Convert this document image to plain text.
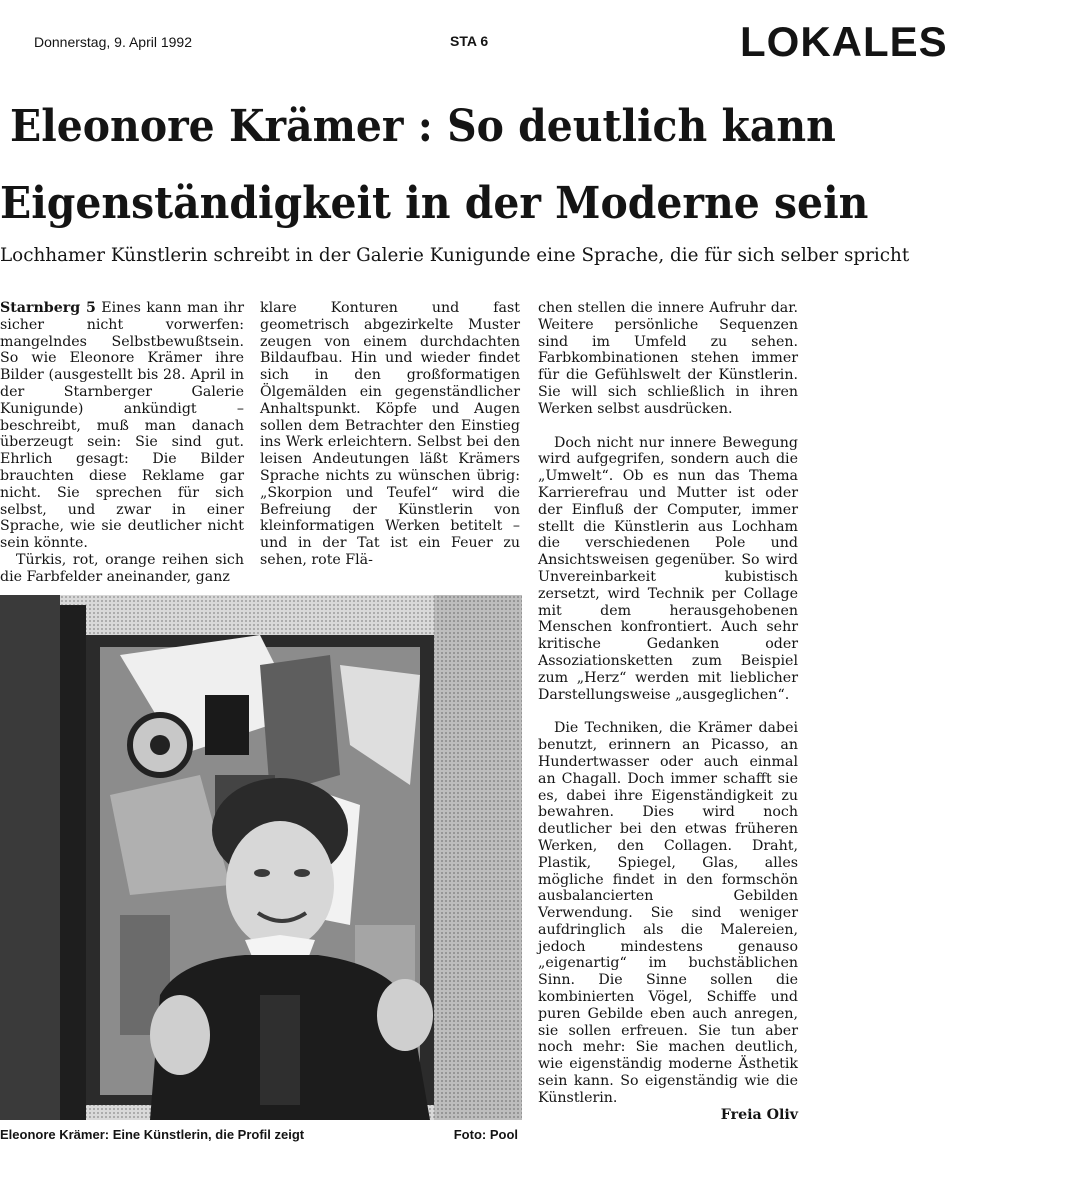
Donnerstag, 9. April 1992	STA 6	LOKALES
Eleonore Krämer : So deutlich kann
Eigenständigkeit in der Moderne sein
Lochhamer Künstlerin schreibt in der Galerie Kunigunde eine Sprache, die für sich selber spricht

Starnberg 5 Eines kann man ihr sicher nicht vorwerfen: mangelndes Selbstbewußtsein. So wie Eleonore Krämer ihre Bilder (ausgestellt bis 28. April in der Starnberger Galerie Kunigunde) ankündigt – beschreibt, muß man danach überzeugt sein: Sie sind gut. Ehrlich gesagt: Die Bilder brauchten diese Reklame gar nicht. Sie sprechen für sich selbst, und zwar in einer Sprache, wie sie deutlicher nicht sein könnte.

Türkis, rot, orange reihen sich die Farbfelder aneinander, ganz

klare Konturen und fast geometrisch abgezirkelte Muster zeugen von einem durchdachten Bildaufbau. Hin und wieder findet sich in den großformatigen Ölgemälden ein gegenständlicher Anhaltspunkt. Köpfe und Augen sollen dem Betrachter den Einstieg ins Werk erleichtern. Selbst bei den leisen Andeutungen läßt Krämers Sprache nichts zu wünschen übrig: „Skorpion und Teufel“ wird die Befreiung der Künstlerin von kleinformatigen Werken betitelt – und in der Tat ist ein Feuer zu sehen, rote Flä-

chen stellen die innere Aufruhr dar. Weitere persönliche Sequenzen sind im Umfeld zu sehen. Farbkombinationen stehen immer für die Gefühlswelt der Künstlerin. Sie will sich schließlich in ihren Werken selbst ausdrücken.

Doch nicht nur innere Bewegung wird aufgegrifen, sondern auch die „Umwelt“. Ob es nun das Thema Karrierefrau und Mutter ist oder der Einfluß der Computer, immer stellt die Künstlerin aus Lochham die verschiedenen Pole und Ansichtsweisen gegenüber. So wird Unvereinbarkeit kubistisch zersetzt, wird Technik per Collage mit dem herausgehobenen Menschen konfrontiert. Auch sehr kritische Gedanken oder Assoziationsketten zum Beispiel zum „Herz“ werden mit lieblicher Darstellungsweise „ausgeglichen“.

Die Techniken, die Krämer dabei benutzt, erinnern an Picasso, an Hundertwasser oder auch einmal an Chagall. Doch immer schafft sie es, dabei ihre Eigenständigkeit zu bewahren. Dies wird noch deutlicher bei den etwas früheren Werken, den Collagen. Draht, Plastik, Spiegel, Glas, alles mögliche findet in den formschön ausbalancierten Gebilden Verwendung. Sie sind weniger aufdringlich als die Malereien, jedoch mindestens genauso „eigenartig“ im buchstäblichen Sinn. Die Sinne sollen die kombinierten Vögel, Schiffe und puren Gebilde eben auch anregen, sie sollen erfreuen. Sie tun aber noch mehr: Sie machen deutlich, wie eigenständig moderne Ästhetik sein kann. So eigenständig wie die Künstlerin.

Freia Oliv

Eleonore Krämer: Eine Künstlerin, die Profil zeigt	Foto: Pool
